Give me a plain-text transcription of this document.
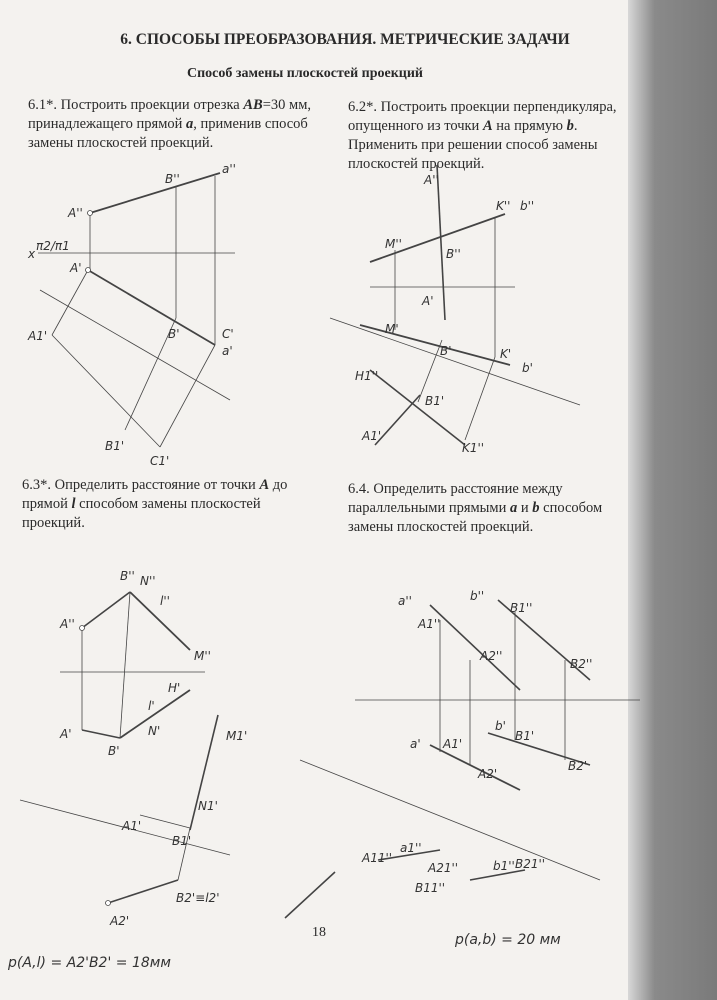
6. СПОСОБЫ ПРЕОБРАЗОВАНИЯ. МЕТРИЧЕСКИЕ ЗАДАЧИ
Способ замены плоскостей проекций
6.1*. Построить проекции отрезка AB=30 мм, принадлежащего прямой a, применив способ замены плоскостей проекций.
6.2*. Построить проекции перпендикуляра, опущенного из точки A на прямую b. Применить при решении способ замены плоскостей проекций.
6.3*. Определить расстояние от точки A до прямой l способом замены плоскостей проекций.
6.4. Определить расстояние между параллельными прямыми a и b способом замены плоскостей проекций.
A''
B''
a''
A'
B'
a'
C'
A1'
B1'
C1'
π2/π1
x
A''
K'' b''
M''
B''
A'
M'
B'	K'
b'
H1''
B1'
A1'
K1''
B'' N''
l''
A''
M''
A'
B'
N'
l'
H'
M1'
A1'
N1'
B1'
A2'
B2'≡l2'
a''	b''
B1''
A1''
A2''
B2''
a' A1'
b'
B1'
A2'
B2'
A11''
a1''
A21''	b1'' B21''
B11''
p(A,l) = A2'B2' = 18мм
p(a,b) = 20 мм
18
